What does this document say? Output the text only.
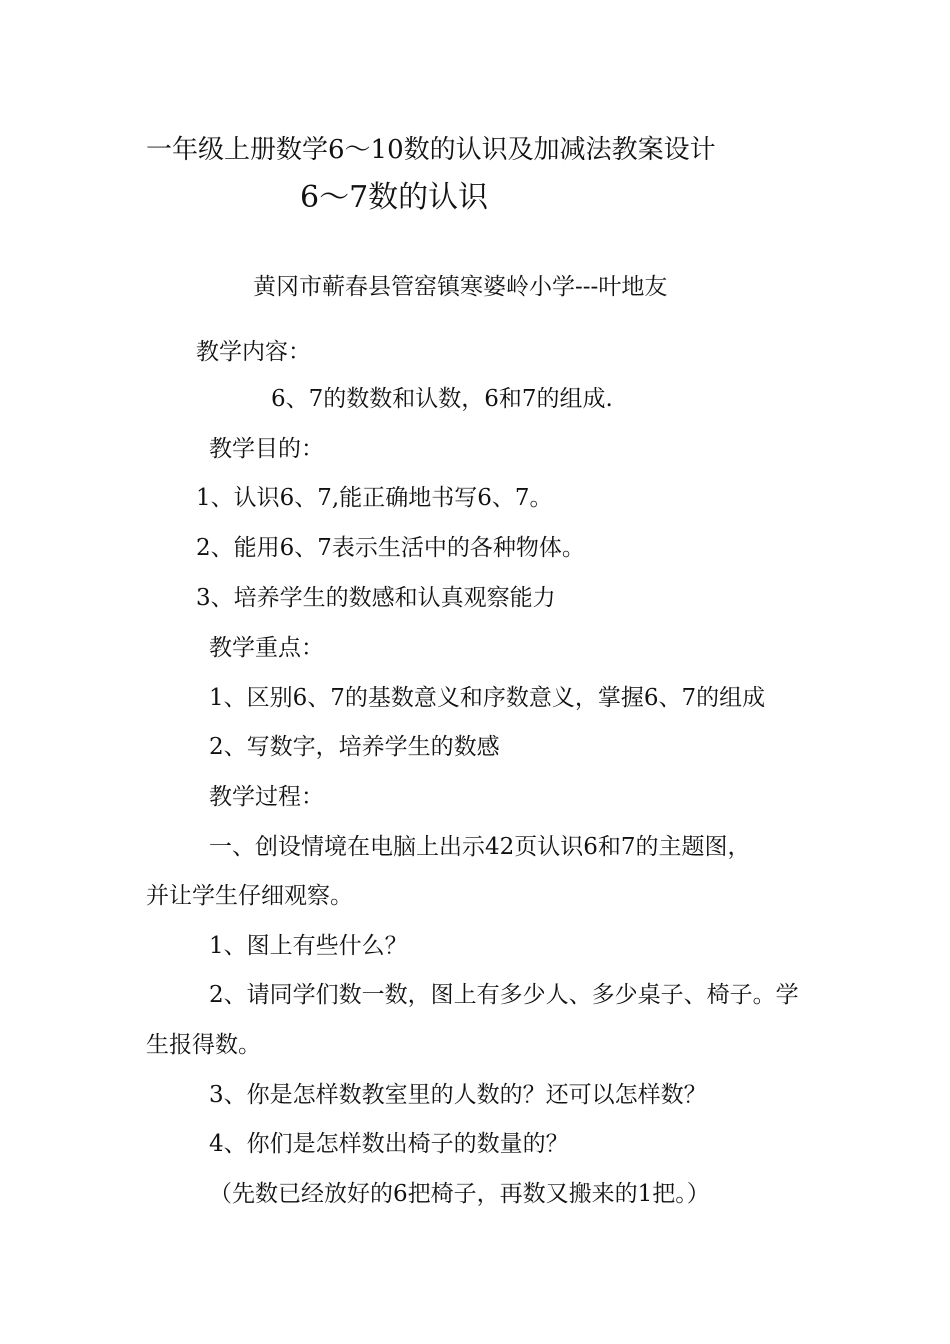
一年级上册数学6～10数的认识及加减法教案设计
6～7数的认识
黄冈市蕲春县管窑镇寒婆岭小学---叶地友
教学内容：
6、7的数数和认数，6和7的组成.
教学目的：
1、认识6、7,能正确地书写6、7。
2、能用6、7表示生活中的各种物体。
3、培养学生的数感和认真观察能力
教学重点：
1、区别6、7的基数意义和序数意义，掌握6、7的组成
2、写数字，培养学生的数感
教学过程：
一、创设情境在电脑上出示42页认识6和7的主题图，
并让学生仔细观察。
1、图上有些什么？
2、请同学们数一数，图上有多少人、多少桌子、椅子。学
生报得数。
3、你是怎样数教室里的人数的？还可以怎样数？
4、你们是怎样数出椅子的数量的？
（先数已经放好的6把椅子，再数又搬来的1把。）
